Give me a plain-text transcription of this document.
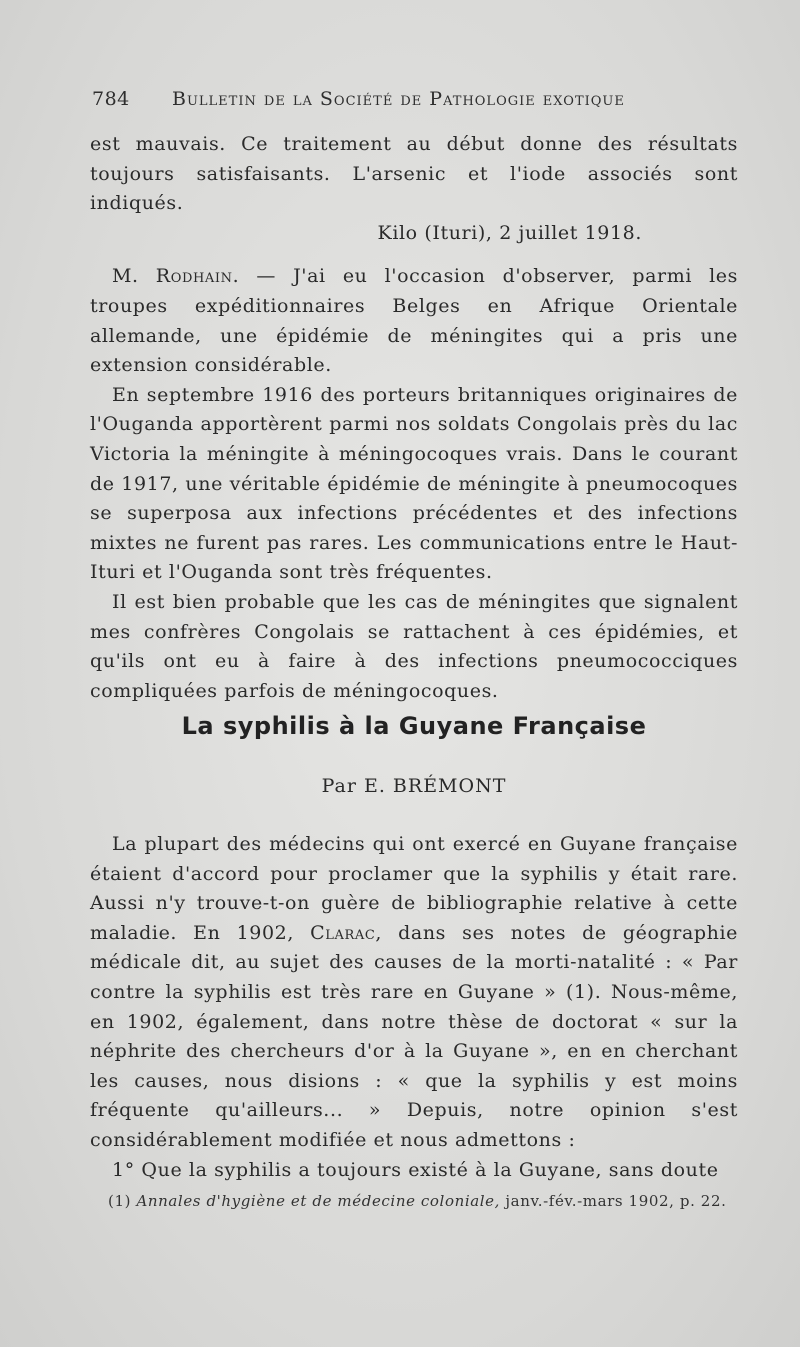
784 Bulletin de la Société de Pathologie exotique

est mauvais. Ce traitement au début donne des résultats toujours satisfaisants. L'arsenic et l'iode associés sont indiqués.

Kilo (Ituri), 2 juillet 1918.

M. Rodhain. — J'ai eu l'occasion d'observer, parmi les troupes expéditionnaires Belges en Afrique Orientale allemande, une épidémie de méningites qui a pris une extension considérable.

En septembre 1916 des porteurs britanniques originaires de l'Ouganda apportèrent parmi nos soldats Congolais près du lac Victoria la méningite à méningocoques vrais. Dans le courant de 1917, une véritable épidémie de méningite à pneumocoques se superposa aux infections précédentes et des infections mixtes ne furent pas rares. Les communications entre le Haut-Ituri et l'Ouganda sont très fréquentes.

Il est bien probable que les cas de méningites que signalent mes confrères Congolais se rattachent à ces épidémies, et qu'ils ont eu à faire à des infections pneumococciques compliquées parfois de méningocoques.

La syphilis à la Guyane Française
Par E. BRÉMONT

La plupart des médecins qui ont exercé en Guyane française étaient d'accord pour proclamer que la syphilis y était rare. Aussi n'y trouve-t-on guère de bibliographie relative à cette maladie. En 1902, Clarac, dans ses notes de géographie médicale dit, au sujet des causes de la morti-natalité : « Par contre la syphilis est très rare en Guyane » (1). Nous-même, en 1902, également, dans notre thèse de doctorat « sur la néphrite des chercheurs d'or à la Guyane », en en cherchant les causes, nous disions : « que la syphilis y est moins fréquente qu'ailleurs... » Depuis, notre opinion s'est considérablement modifiée et nous admettons :

1° Que la syphilis a toujours existé à la Guyane, sans doute

(1) Annales d'hygiène et de médecine coloniale, janv.-fév.-mars 1902, p. 22.
